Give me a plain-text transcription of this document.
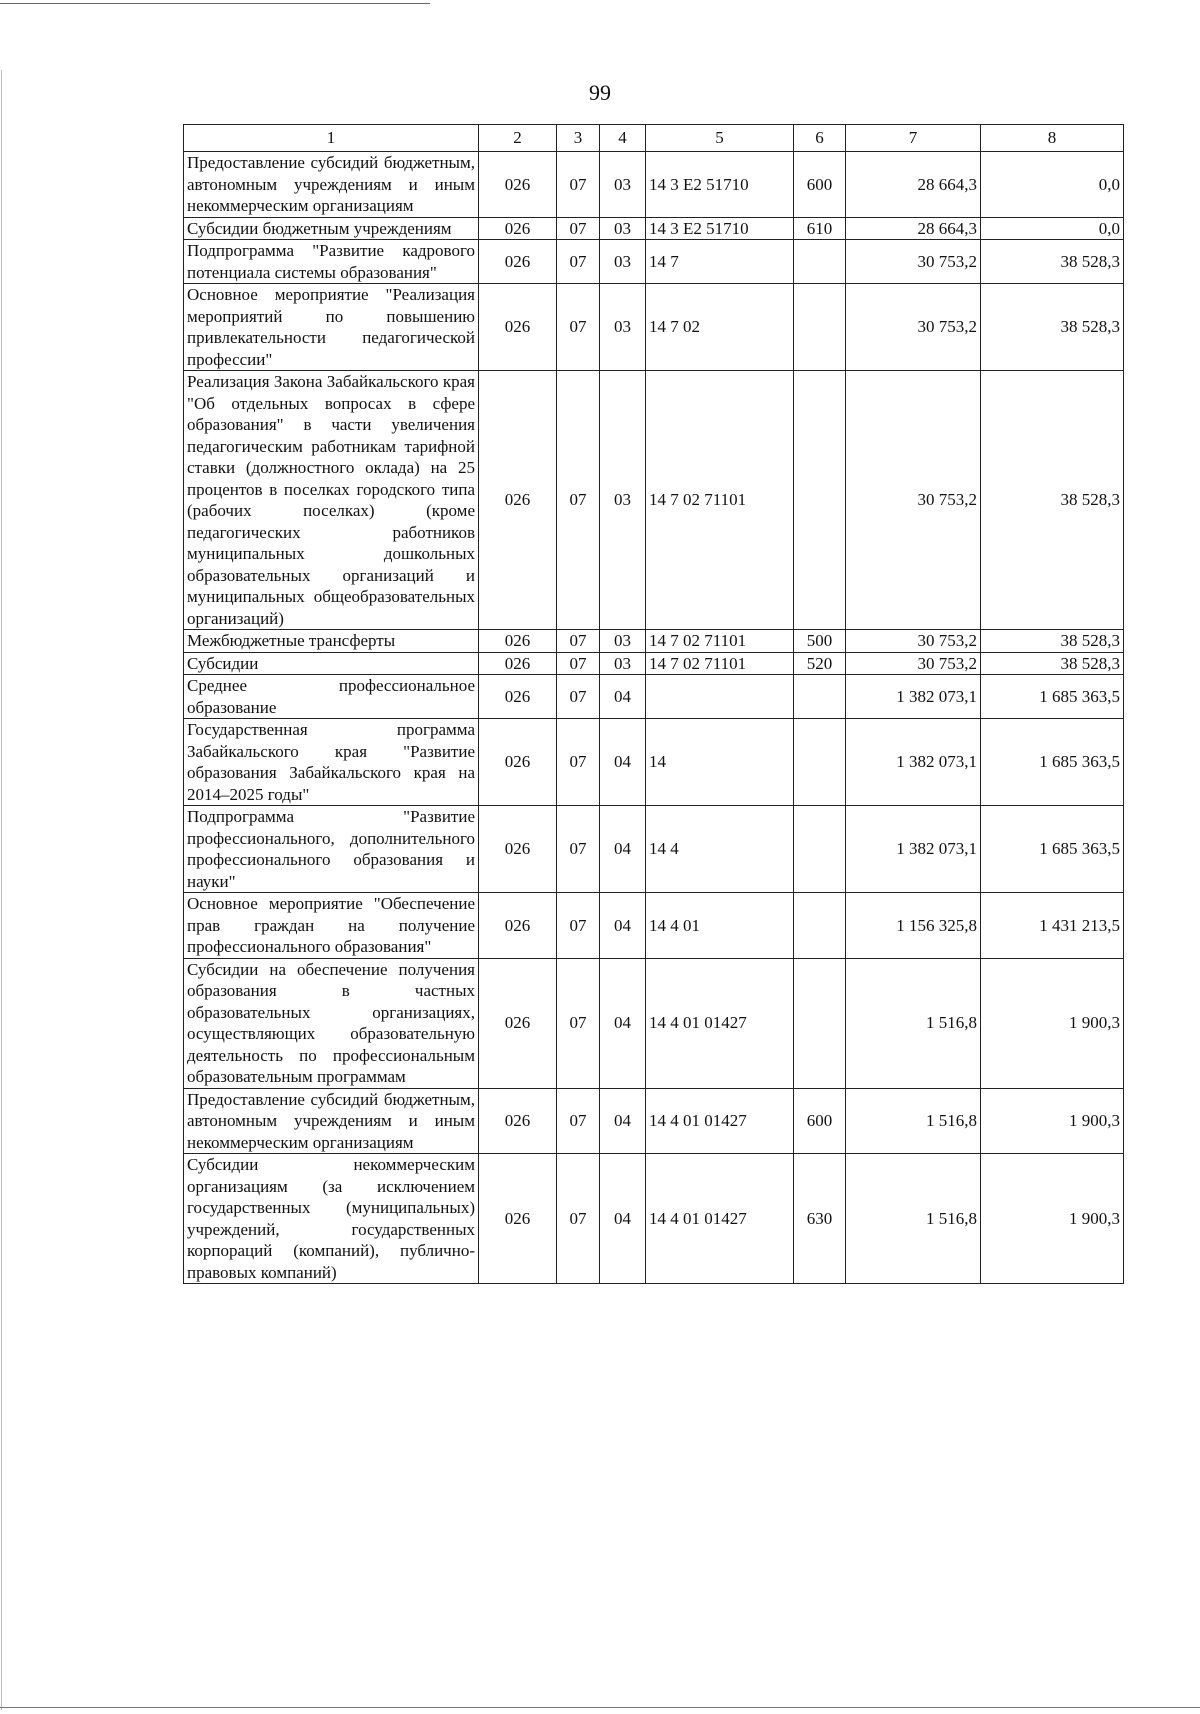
99
1	2	3	4	5	6	7	8
Предоставление субсидий бюджетным, автономным учреждениям и иным некоммерческим организациям	026	07	03	14 3 Е2 51710	600	28 664,3	0,0
Субсидии бюджетным учреждениям	026	07	03	14 3 Е2 51710	610	28 664,3	0,0
Подпрограмма "Развитие кадрового потенциала системы образования"	026	07	03	14 7		30 753,2	38 528,3
Основное мероприятие "Реализация мероприятий по повышению привлекательности педагогической профессии"	026	07	03	14 7 02		30 753,2	38 528,3
Реализация Закона Забайкальского края "Об отдельных вопросах в сфере образования" в части увеличения педагогическим работникам тарифной ставки (должностного оклада) на 25 процентов в поселках городского типа (рабочих поселках) (кроме педагогических работников муниципальных дошкольных образовательных организаций и муниципальных общеобразовательных организаций)	026	07	03	14 7 02 71101		30 753,2	38 528,3
Межбюджетные трансферты	026	07	03	14 7 02 71101	500	30 753,2	38 528,3
Субсидии	026	07	03	14 7 02 71101	520	30 753,2	38 528,3
Среднее профессиональное образование	026	07	04			1 382 073,1	1 685 363,5
Государственная программа Забайкальского края "Развитие образования Забайкальского края на 2014–2025 годы"	026	07	04	14		1 382 073,1	1 685 363,5
Подпрограмма "Развитие профессионального, дополнительного профессионального образования и науки"	026	07	04	14 4		1 382 073,1	1 685 363,5
Основное мероприятие "Обеспечение прав граждан на получение профессионального образования"	026	07	04	14 4 01		1 156 325,8	1 431 213,5
Субсидии на обеспечение получения образования в частных образовательных организациях, осуществляющих образовательную деятельность по профессиональным образовательным программам	026	07	04	14 4 01 01427		1 516,8	1 900,3
Предоставление субсидий бюджетным, автономным учреждениям и иным некоммерческим организациям	026	07	04	14 4 01 01427	600	1 516,8	1 900,3
Субсидии некоммерческим организациям (за исключением государственных (муниципальных) учреждений, государственных корпораций (компаний), публично-правовых компаний)	026	07	04	14 4 01 01427	630	1 516,8	1 900,3
